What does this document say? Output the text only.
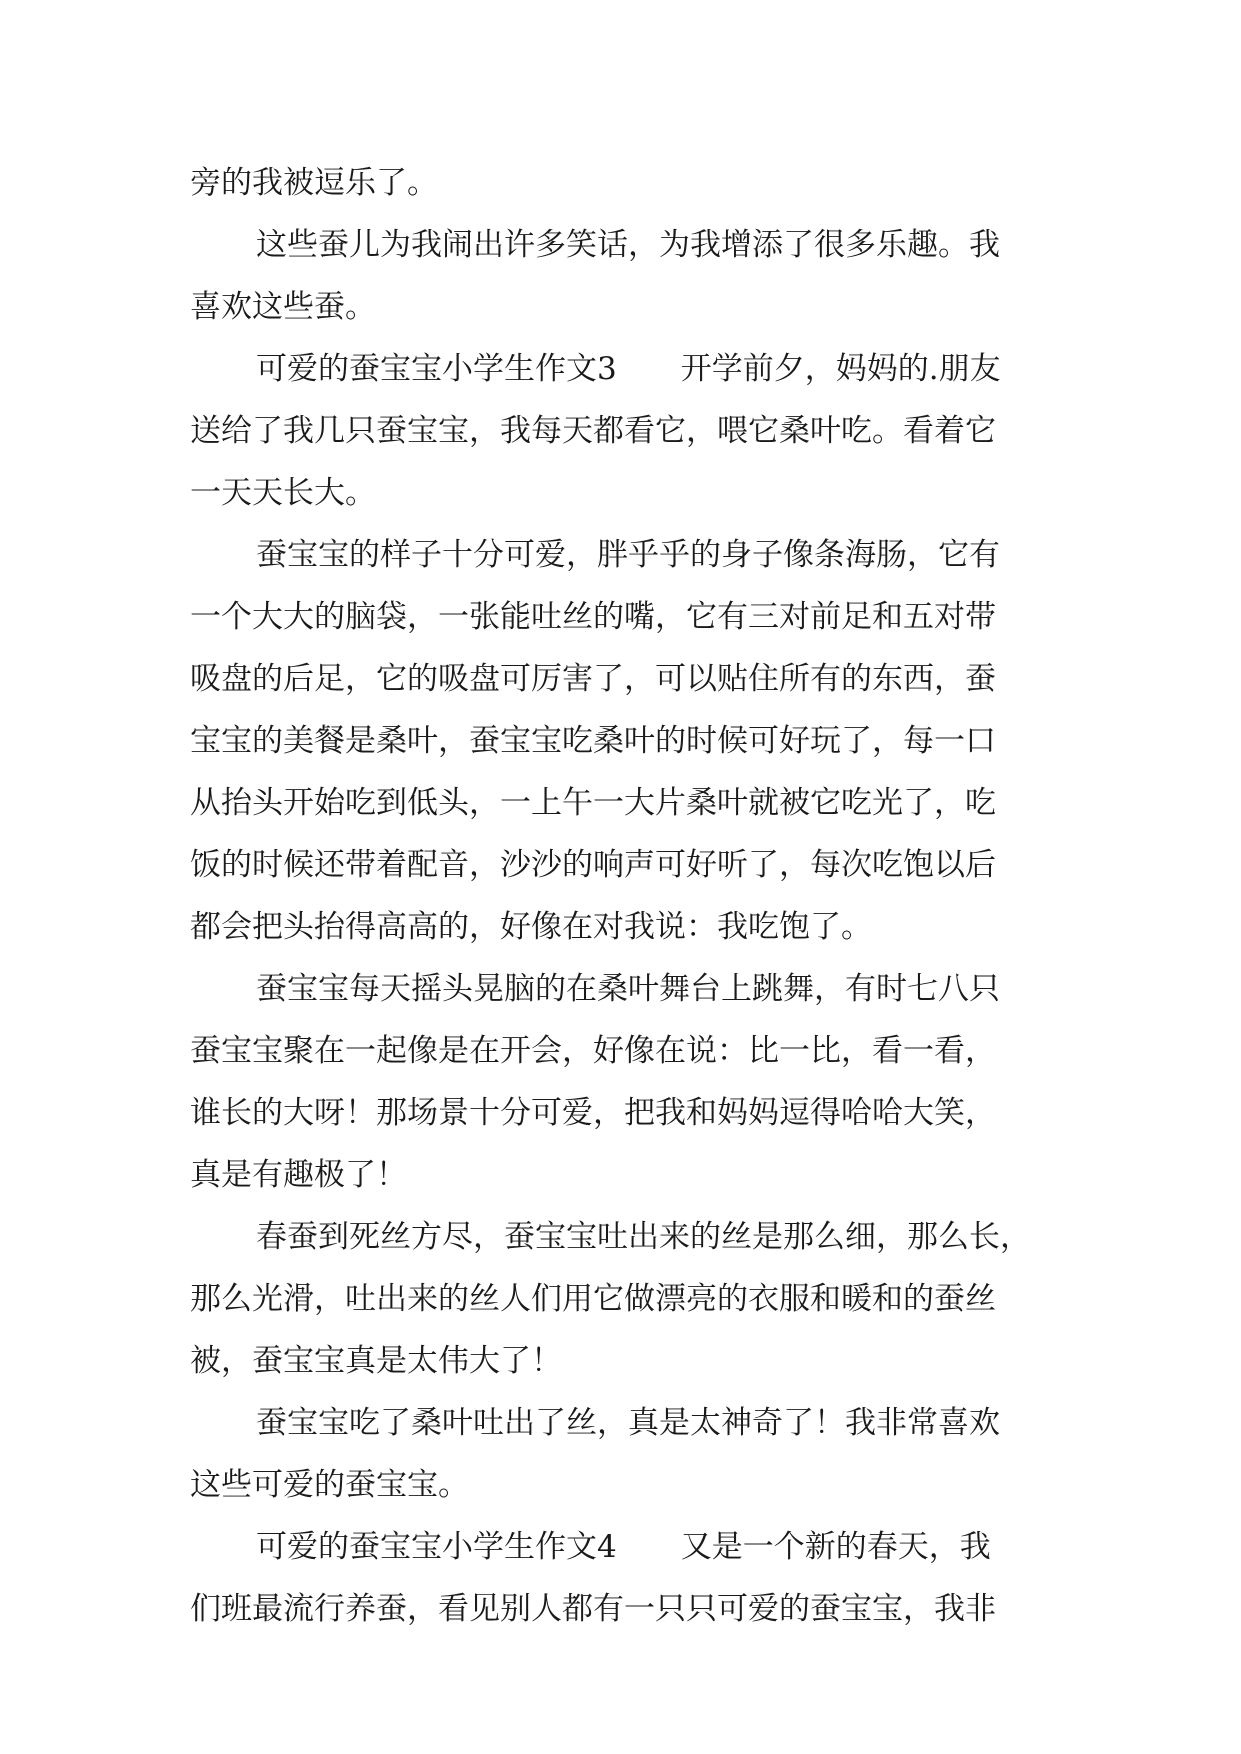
旁的我被逗乐了。
这些蚕儿为我闹出许多笑话，为我增添了很多乐趣。我
喜欢这些蚕。
可爱的蚕宝宝小学生作文3 开学前夕，妈妈的.朋友
送给了我几只蚕宝宝，我每天都看它，喂它桑叶吃。看着它
一天天长大。
蚕宝宝的样子十分可爱，胖乎乎的身子像条海肠，它有
一个大大的脑袋，一张能吐丝的嘴，它有三对前足和五对带
吸盘的后足，它的吸盘可厉害了，可以贴住所有的东西，蚕
宝宝的美餐是桑叶，蚕宝宝吃桑叶的时候可好玩了，每一口
从抬头开始吃到低头，一上午一大片桑叶就被它吃光了，吃
饭的时候还带着配音，沙沙的响声可好听了，每次吃饱以后
都会把头抬得高高的，好像在对我说：我吃饱了。
蚕宝宝每天摇头晃脑的在桑叶舞台上跳舞，有时七八只
蚕宝宝聚在一起像是在开会，好像在说：比一比，看一看，
谁长的大呀！那场景十分可爱，把我和妈妈逗得哈哈大笑，
真是有趣极了！
春蚕到死丝方尽，蚕宝宝吐出来的丝是那么细，那么长，
那么光滑，吐出来的丝人们用它做漂亮的衣服和暖和的蚕丝
被，蚕宝宝真是太伟大了！
蚕宝宝吃了桑叶吐出了丝，真是太神奇了！我非常喜欢
这些可爱的蚕宝宝。
可爱的蚕宝宝小学生作文4 又是一个新的春天，我
们班最流行养蚕，看见别人都有一只只可爱的蚕宝宝，我非
